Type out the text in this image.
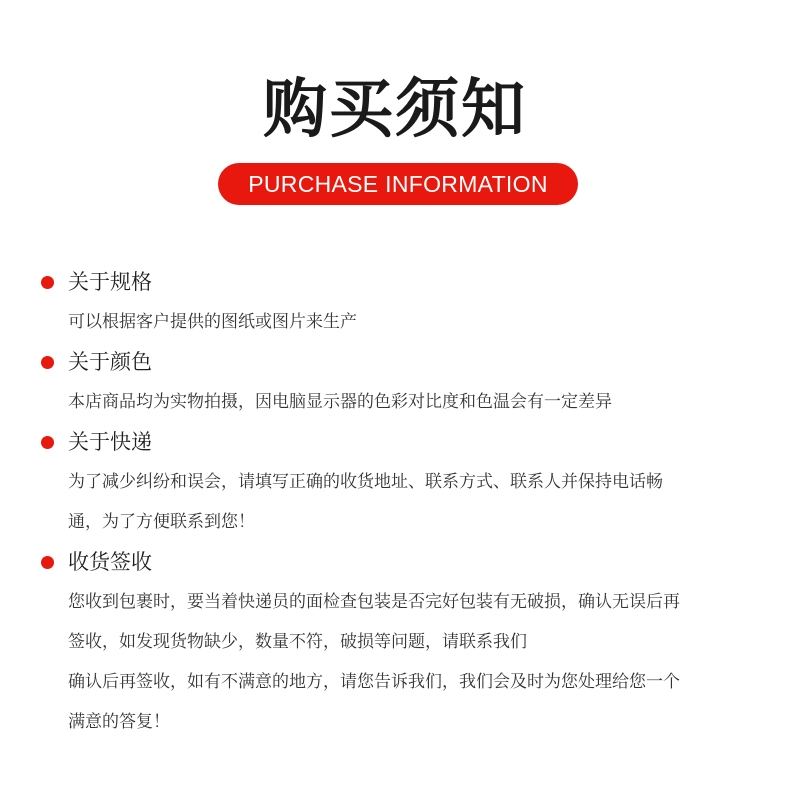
购买须知
PURCHASE INFORMATION
关于规格
可以根据客户提供的图纸或图片来生产
关于颜色
本店商品均为实物拍摄，因电脑显示器的色彩对比度和色温会有一定差异
关于快递
为了减少纠纷和误会，请填写正确的收货地址、联系方式、联系人并保持电话畅
通，为了方便联系到您！
收货签收
您收到包裹时，要当着快递员的面检查包装是否完好包装有无破损，确认无误后再
签收，如发现货物缺少，数量不符，破损等问题，请联系我们
确认后再签收，如有不满意的地方，请您告诉我们，我们会及时为您处理给您一个
满意的答复！
